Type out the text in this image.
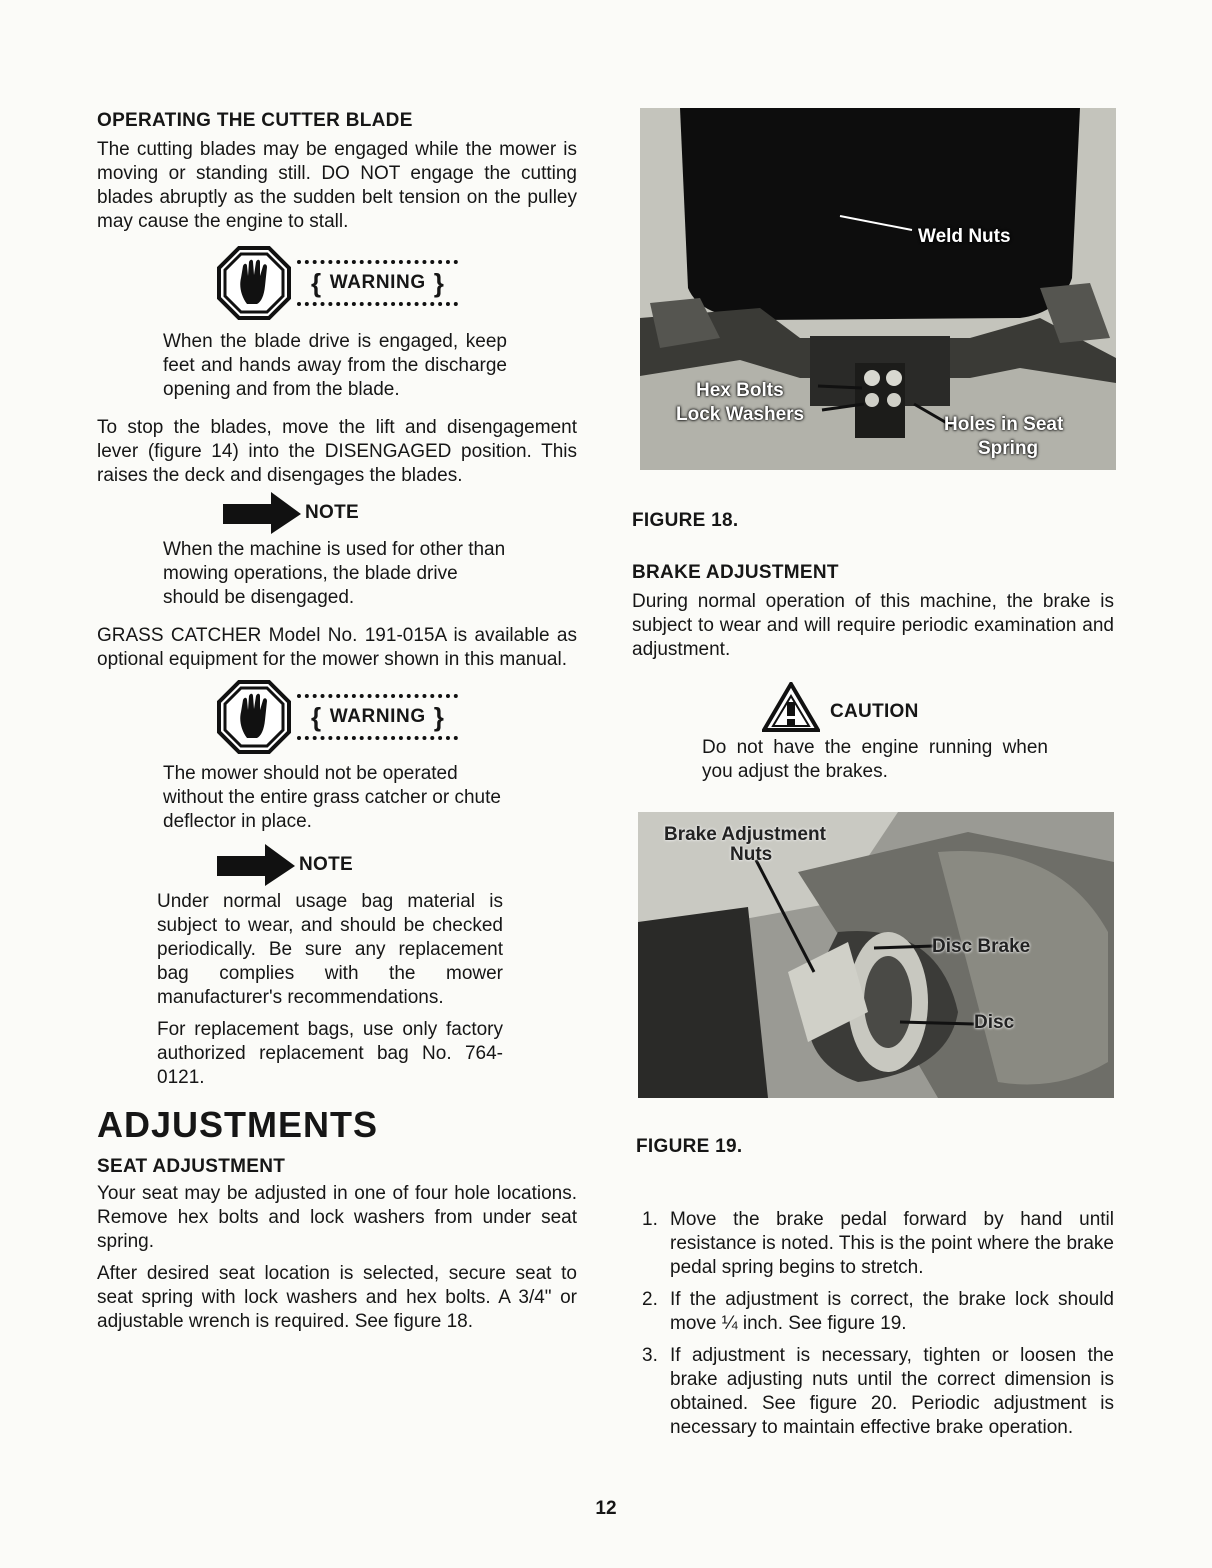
OPERATING THE CUTTER BLADE

The cutting blades may be engaged while the mower is moving or standing still. DO NOT engage the cutting blades abruptly as the sudden belt tension on the pulley may cause the engine to stall.

{ WARNING }

When the blade drive is engaged, keep feet and hands away from the discharge opening and from the blade.

To stop the blades, move the lift and disengagement lever (figure 14) into the DISENGAGED position. This raises the deck and disengages the blades.

NOTE

When the machine is used for other than mowing operations, the blade drive should be disengaged.

GRASS CATCHER Model No. 191-015A is available as optional equipment for the mower shown in this manual.

{ WARNING }

The mower should not be operated without the entire grass catcher or chute deflector in place.

NOTE

Under normal usage bag material is subject to wear, and should be checked periodically. Be sure any replacement bag complies with the mower manufacturer's recommendations.

For replacement bags, use only factory authorized replacement bag No. 764-0121.

ADJUSTMENTS
SEAT ADJUSTMENT

Your seat may be adjusted in one of four hole locations. Remove hex bolts and lock washers from under seat spring.

After desired seat location is selected, secure seat to seat spring with lock washers and hex bolts. A 3/4" or adjustable wrench is required. See figure 18.

Weld Nuts
Hex Bolts
Lock Washers	Holes in Seat
Spring
FIGURE 18.
BRAKE ADJUSTMENT

During normal operation of this machine, the brake is subject to wear and will require periodic examination and adjustment.

CAUTION

Do not have the engine running when you adjust the brakes.

Brake Adjustment
Nuts
Disc Brake
Disc
FIGURE 19.
1. Move the brake pedal forward by hand until resistance is noted. This is the point where the brake pedal spring begins to stretch.
2. If the adjustment is correct, the brake lock should move ¼ inch. See figure 19.
3. If adjustment is necessary, tighten or loosen the brake adjusting nuts until the correct dimension is obtained. See figure 20. Periodic adjustment is necessary to maintain effective brake operation.
12
